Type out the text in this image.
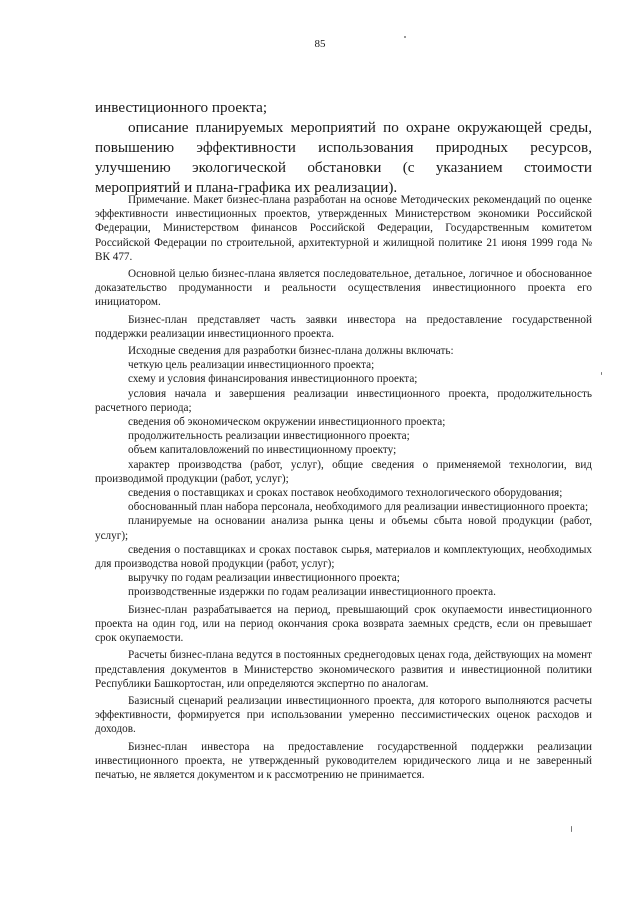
85

инвестиционного проекта;

описание планируемых мероприятий по охране окружающей среды, повышению эффективности использования природных ресурсов, улучшению экологической обстановки (с указанием стоимости мероприятий и плана-графика их реализации).

Примечание. Макет бизнес-плана разработан на основе Методических рекомендаций по оценке эффективности инвестиционных проектов, утвержденных Министерством экономики Российской Федерации, Министерством финансов Российской Федерации, Государственным комитетом Российской Федерации по строительной, архитектурной и жилищной политике 21 июня 1999 года № ВК 477.

Основной целью бизнес-плана является последовательное, детальное, логичное и обоснованное доказательство продуманности и реальности осуществления инвестиционного проекта его инициатором.

Бизнес-план представляет часть заявки инвестора на предоставление государственной поддержки реализации инвестиционного проекта.

Исходные сведения для разработки бизнес-плана должны включать:
четкую цель реализации инвестиционного проекта;
схему и условия финансирования инвестиционного проекта;
условия начала и завершения реализации инвестиционного проекта, продолжительность расчетного периода;
сведения об экономическом окружении инвестиционного проекта;
продолжительность реализации инвестиционного проекта;
объем капиталовложений по инвестиционному проекту;
характер производства (работ, услуг), общие сведения о применяемой технологии, вид производимой продукции (работ, услуг);
сведения о поставщиках и сроках поставок необходимого технологического оборудования;
обоснованный план набора персонала, необходимого для реализации инвестиционного проекта;
планируемые на основании анализа рынка цены и объемы сбыта новой продукции (работ, услуг);
сведения о поставщиках и сроках поставок сырья, материалов и комплектующих, необходимых для производства новой продукции (работ, услуг);
выручку по годам реализации инвестиционного проекта;
производственные издержки по годам реализации инвестиционного проекта.

Бизнес-план разрабатывается на период, превышающий срок окупаемости инвестиционного проекта на один год, или на период окончания срока возврата заемных средств, если он превышает срок окупаемости.

Расчеты бизнес-плана ведутся в постоянных среднегодовых ценах года, действующих на момент представления документов в Министерство экономического развития и инвестиционной политики Республики Башкортостан, или определяются экспертно по аналогам.

Базисный сценарий реализации инвестиционного проекта, для которого выполняются расчеты эффективности, формируется при использовании умеренно пессимистических оценок расходов и доходов.

Бизнес-план инвестора на предоставление государственной поддержки реализации инвестиционного проекта, не утвержденный руководителем юридического лица и не заверенный печатью, не является документом и к рассмотрению не принимается.
